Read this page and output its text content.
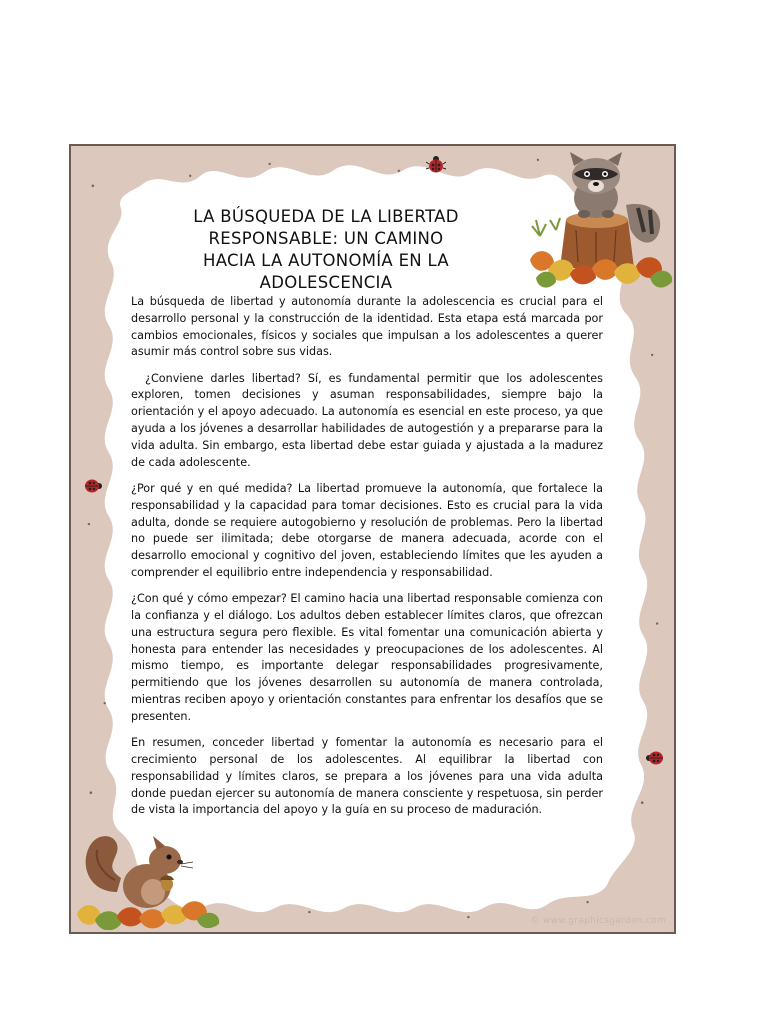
LA BÚSQUEDA DE LA LIBERTAD RESPONSABLE: UN CAMINO HACIA LA AUTONOMÍA EN LA ADOLESCENCIA

La búsqueda de libertad y autonomía durante la adolescencia es crucial para el desarrollo personal y la construcción de la identidad. Esta etapa está marcada por cambios emocionales, físicos y sociales que impulsan a los adolescentes a querer asumir más control sobre sus vidas.

¿Conviene darles libertad? Sí, es fundamental permitir que los adolescentes exploren, tomen decisiones y asuman responsabilidades, siempre bajo la orientación y el apoyo adecuado. La autonomía es esencial en este proceso, ya que ayuda a los jóvenes a desarrollar habilidades de autogestión y a prepararse para la vida adulta. Sin embargo, esta libertad debe estar guiada y ajustada a la madurez de cada adolescente.

¿Por qué y en qué medida? La libertad promueve la autonomía, que fortalece la responsabilidad y la capacidad para tomar decisiones. Esto es crucial para la vida adulta, donde se requiere autogobierno y resolución de problemas. Pero la libertad no puede ser ilimitada; debe otorgarse de manera adecuada, acorde con el desarrollo emocional y cognitivo del joven, estableciendo límites que les ayuden a comprender el equilibrio entre independencia y responsabilidad.

¿Con qué y cómo empezar? El camino hacia una libertad responsable comienza con la confianza y el diálogo. Los adultos deben establecer límites claros, que ofrezcan una estructura segura pero flexible. Es vital fomentar una comunicación abierta y honesta para entender las necesidades y preocupaciones de los adolescentes. Al mismo tiempo, es importante delegar responsabilidades progresivamente, permitiendo que los jóvenes desarrollen su autonomía de manera controlada, mientras reciben apoyo y orientación constantes para enfrentar los desafíos que se presenten.

En resumen, conceder libertad y fomentar la autonomía es necesario para el crecimiento personal de los adolescentes. Al equilibrar la libertad con responsabilidad y límites claros, se prepara a los jóvenes para una vida adulta donde puedan ejercer su autonomía de manera consciente y respetuosa, sin perder de vista la importancia del apoyo y la guía en su proceso de maduración.

© www.graphicsgarden.com
